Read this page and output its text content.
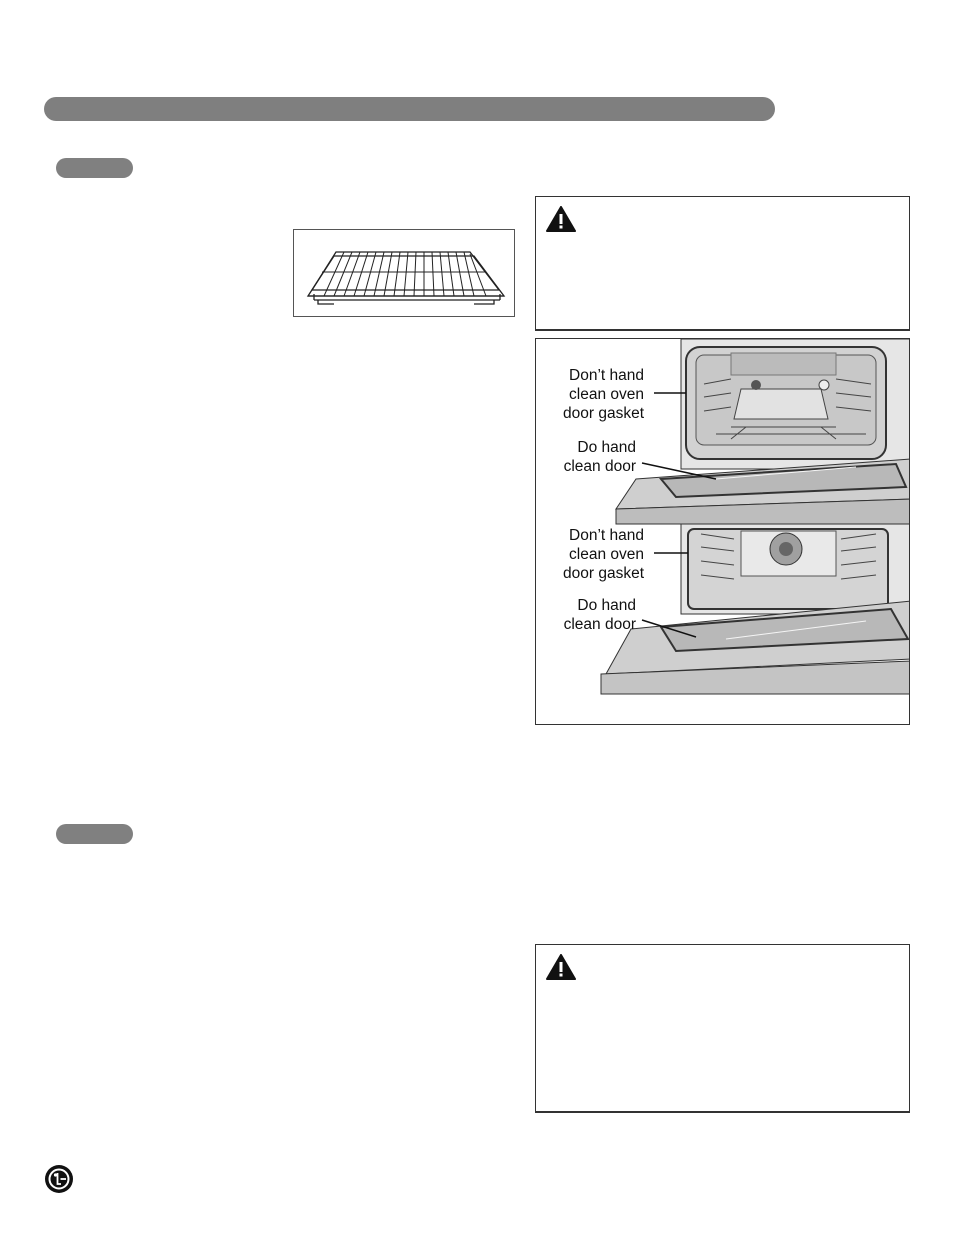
Don’t hand
clean oven
door gasket
Do hand
clean door
Don’t hand
clean oven
door gasket
Do hand
clean door
